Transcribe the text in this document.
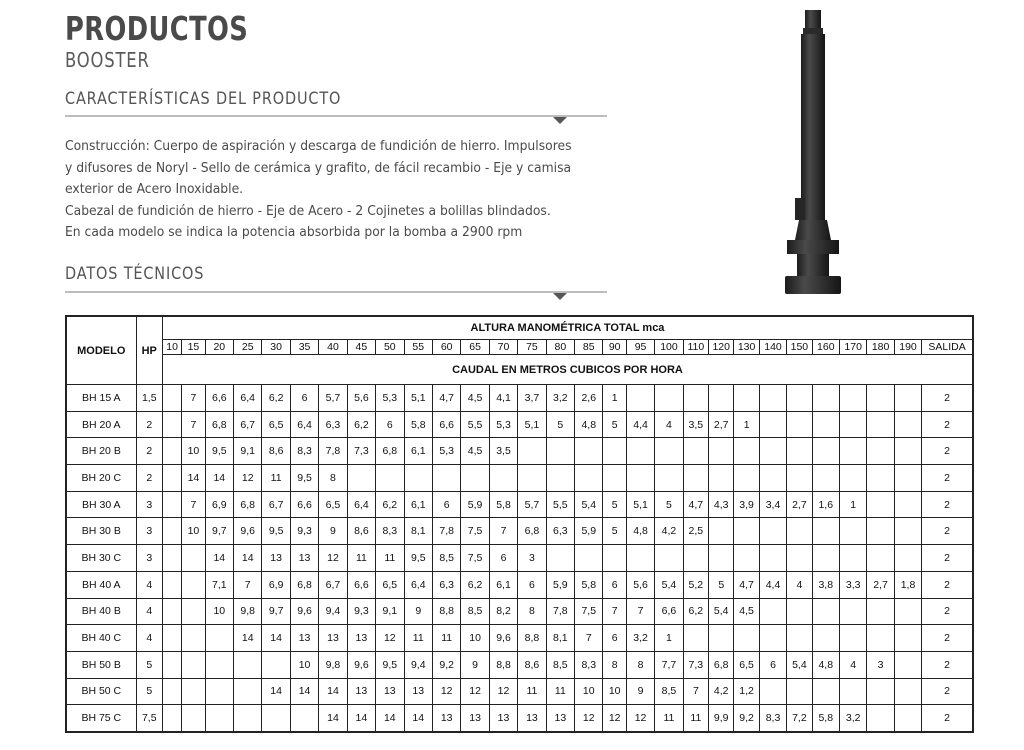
PRODUCTOS
BOOSTER
CARACTERÍSTICAS DEL PRODUCTO

Construcción: Cuerpo de aspiración y descarga de fundición de hierro. Impulsores

y difusores de Noryl - Sello de cerámica y grafito, de fácil recambio - Eje y camisa

exterior de Acero Inoxidable.

Cabezal de fundición de hierro - Eje de Acero - 2 Cojinetes a bolillas blindados.

En cada modelo se indica la potencia absorbida por la bomba a 2900 rpm

DATOS TÉCNICOS
MODELO	HP	ALTURA MANOMÉTRICA TOTAL mca																												
		10	15	20	25	30	35	40	45	50	55	60	65	70	75	80	85	90	95	100	110	120	130	140	150	160	170	180	190	SALIDA
		CAUDAL EN METROS CUBICOS POR HORA																												
BH 15 A	1,5		7	6,6	6,4	6,2	6	5,7	5,6	5,3	5,1	4,7	4,5	4,1	3,7	3,2	2,6	1												2
BH 20 A	2		7	6,8	6,7	6,5	6,4	6,3	6,2	6	5,8	6,6	5,5	5,3	5,1	5	4,8	5	4,4	4	3,5	2,7	1							2
BH 20 B	2		10	9,5	9,1	8,6	8,3	7,8	7,3	6,8	6,1	5,3	4,5	3,5																2
BH 20 C	2		14	14	12	11	9,5	8																						2
BH 30 A	3		7	6,9	6,8	6,7	6,6	6,5	6,4	6,2	6,1	6	5,9	5,8	5,7	5,5	5,4	5	5,1	5	4,7	4,3	3,9	3,4	2,7	1,6	1			2
BH 30 B	3		10	9,7	9,6	9,5	9,3	9	8,6	8,3	8,1	7,8	7,5	7	6,8	6,3	5,9	5	4,8	4,2	2,5									2
BH 30 C	3			14	14	13	13	12	11	11	9,5	8,5	7,5	6	3															2
BH 40 A	4			7,1	7	6,9	6,8	6,7	6,6	6,5	6,4	6,3	6,2	6,1	6	5,9	5,8	6	5,6	5,4	5,2	5	4,7	4,4	4	3,8	3,3	2,7	1,8	2
BH 40 B	4			10	9,8	9,7	9,6	9,4	9,3	9,1	9	8,8	8,5	8,2	8	7,8	7,5	7	7	6,6	6,2	5,4	4,5							2
BH 40 C	4				14	14	13	13	13	12	11	11	10	9,6	8,8	8,1	7	6	3,2	1										2
BH 50 B	5						10	9,8	9,6	9,5	9,4	9,2	9	8,8	8,6	8,5	8,3	8	8	7,7	7,3	6,8	6,5	6	5,4	4,8	4	3		2
BH 50 C	5					14	14	14	13	13	13	12	12	12	11	11	10	10	9	8,5	7	4,2	1,2							2
BH 75 C	7,5							14	14	14	14	13	13	13	13	13	12	12	12	11	11	9,9	9,2	8,3	7,2	5,8	3,2			2
